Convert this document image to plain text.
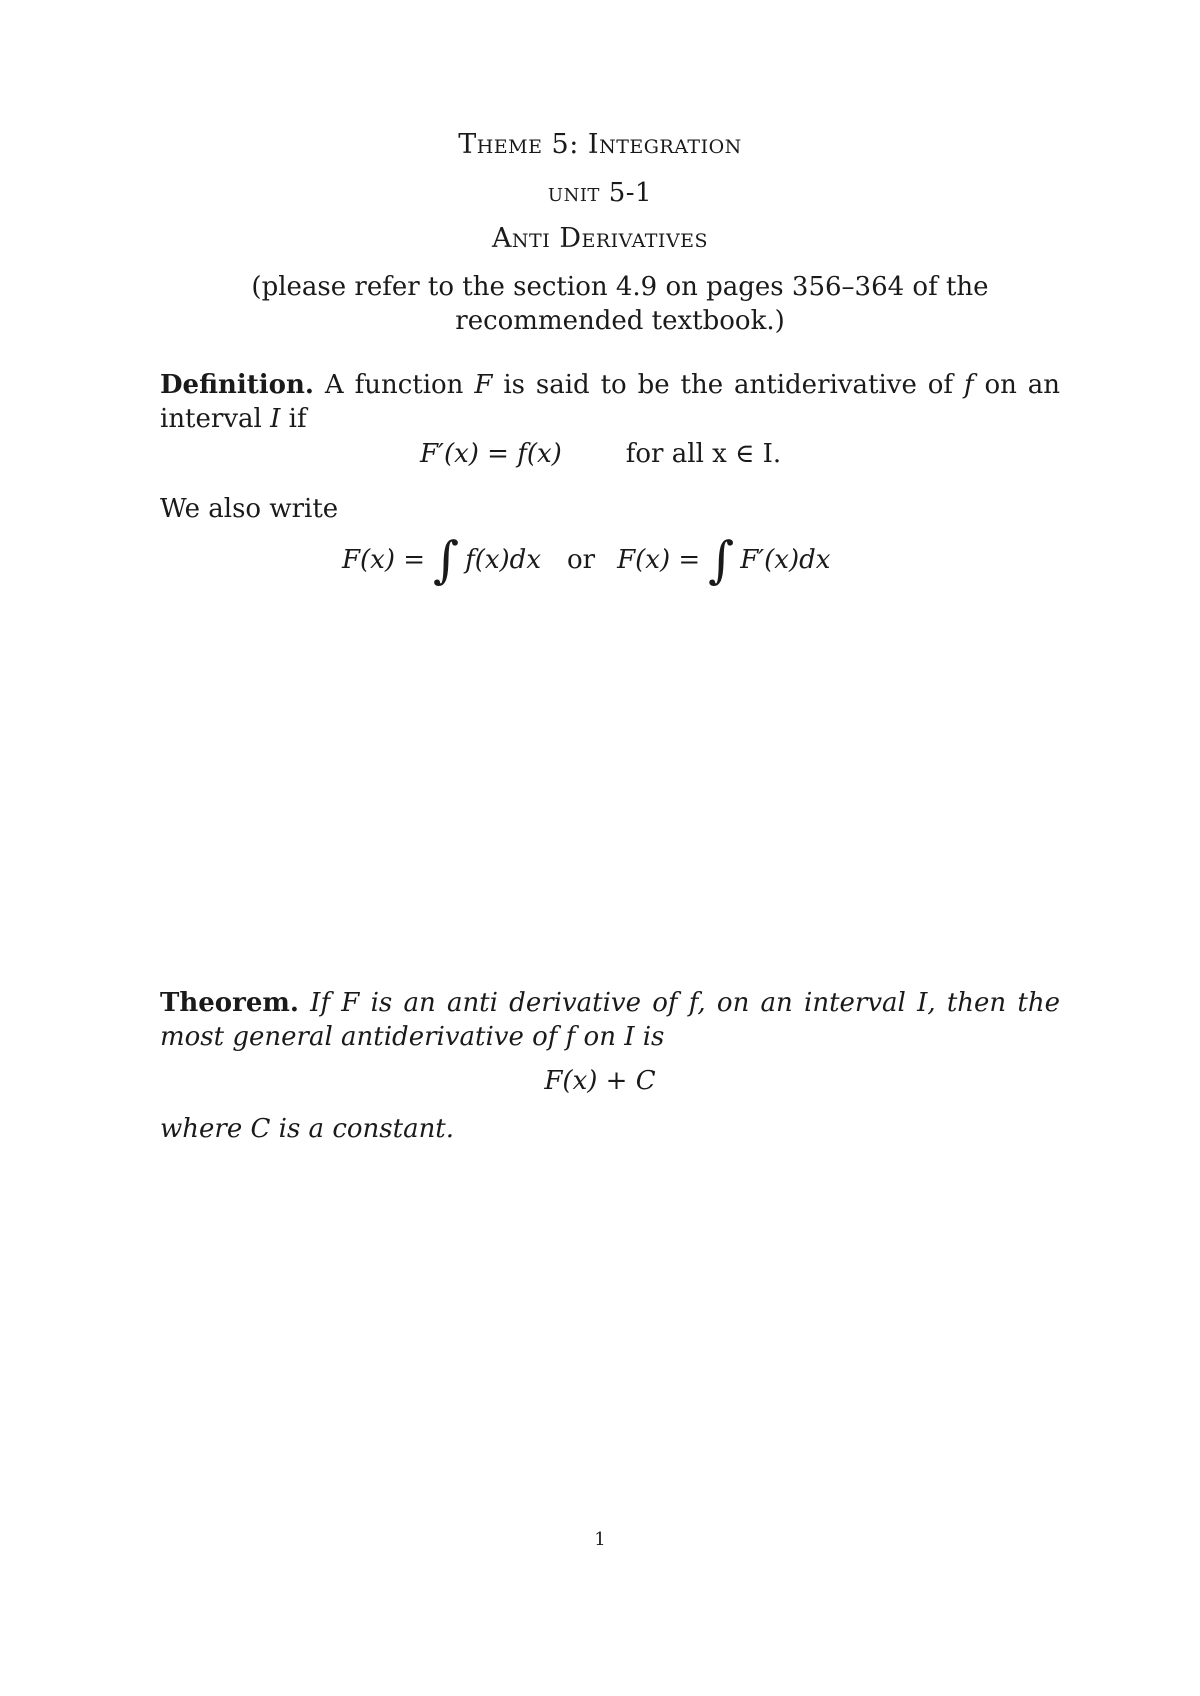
Theme 5: Integration
unit 5-1
Anti Derivatives
(please refer to the section 4.9 on pages 356–364 of the recommended textbook.)
Definition. A function F is said to be the antiderivative of f on an interval I if
F′(x) = f(x) for all x ∈ I.
We also write
F(x) = ∫ f(x)dx or F(x) = ∫ F′(x)dx
Theorem. If F is an anti derivative of f, on an interval I, then the most general antiderivative of f on I is
F(x) + C
where C is a constant.
1
